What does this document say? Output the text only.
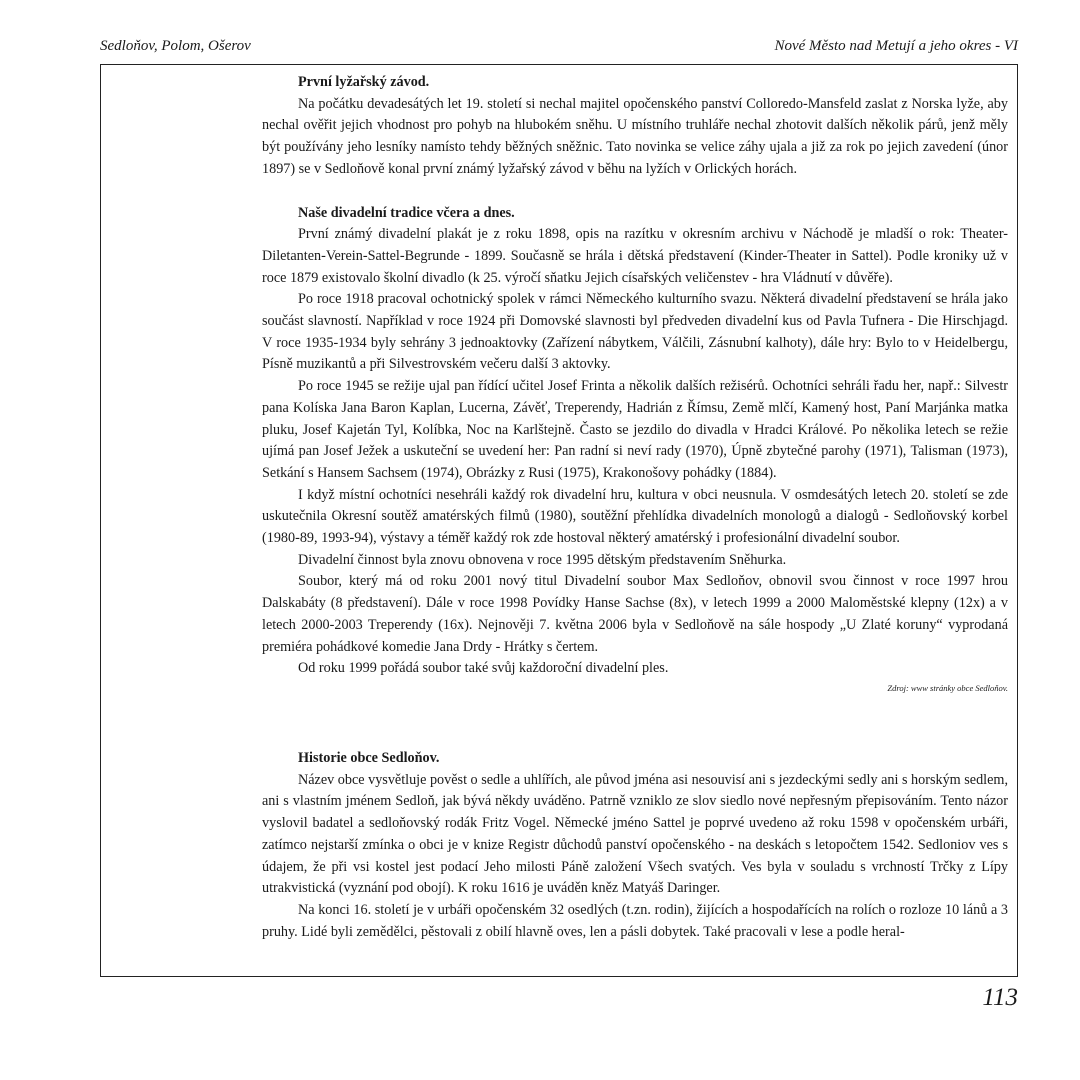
Sedloňov, Polom, Ošerov	Nové Město nad Metují a jeho okres - VI
První lyžařský závod.

Na počátku devadesátých let 19. století si nechal majitel opočenského panství Colloredo-Mansfeld zaslat z Norska lyže, aby nechal ověřit jejich vhodnost pro pohyb na hlubokém sněhu. U místního truhláře nechal zhotovit dalších několik párů, jenž měly být používány jeho lesníky namísto tehdy běžných sněžnic. Tato novinka se velice záhy ujala a již za rok po jejich zavedení (únor 1897) se v Sedloňově konal první známý lyžařský závod v běhu na lyžích v Orlických horách.

Naše divadelní tradice včera a dnes.

První známý divadelní plakát je z roku 1898, opis na razítku v okresním archivu v Náchodě je mladší o rok: Theater-Diletanten-Verein-Sattel-Begrunde - 1899. Současně se hrála i dětská představení (Kinder-Theater in Sattel). Podle kroniky už v roce 1879 existovalo školní divadlo (k 25. výročí sňatku Jejich císařských veličenstev - hra Vládnutí v důvěře).

Po roce 1918 pracoval ochotnický spolek v rámci Německého kulturního svazu. Některá divadelní představení se hrála jako součást slavností. Například v roce 1924 při Domovské slavnosti byl předveden divadelní kus od Pavla Tufnera - Die Hirschjagd. V roce 1935-1934 byly sehrány 3 jednoaktovky (Zařízení nábytkem, Válčili, Zásnubní kalhoty), dále hry: Bylo to v Heidelbergu, Písně muzikantů a při Silvestrovském večeru další 3 aktovky.

Po roce 1945 se režije ujal pan řídící učitel Josef Frinta a několik dalších režisérů. Ochotníci sehráli řadu her, např.: Silvestr pana Kolíska Jana Baron Kaplan, Lucerna, Závěť, Treperendy, Hadrián z Římsu, Země mlčí, Kamený host, Paní Marjánka matka pluku, Josef Kajetán Tyl, Kolíbka, Noc na Karlštejně. Často se jezdilo do divadla v Hradci Králové. Po několika letech se režie ujímá pan Josef Ježek a uskuteční se uvedení her: Pan radní si neví rady (1970), Úpně zbytečné parohy (1971), Talisman (1973), Setkání s Hansem Sachsem (1974), Obrázky z Rusi (1975), Krakonošovy pohádky (1884).

I když místní ochotníci nesehráli každý rok divadelní hru, kultura v obci neusnula. V osmdesátých letech 20. století se zde uskutečnila Okresní soutěž amatérských filmů (1980), soutěžní přehlídka divadelních monologů a dialogů - Sedloňovský korbel (1980-89, 1993-94), výstavy a téměř každý rok zde hostoval některý amatérský i profesionální divadelní soubor.

Divadelní činnost byla znovu obnovena v roce 1995 dětským představením Sněhurka.

Soubor, který má od roku 2001 nový titul Divadelní soubor Max Sedloňov, obnovil svou činnost v roce 1997 hrou Dalskabáty (8 představení). Dále v roce 1998 Povídky Hanse Sachse (8x), v letech 1999 a 2000 Maloměstské klepny (12x) a v letech 2000-2003 Treperendy (16x). Nejnověji 7. května 2006 byla v Sedloňově na sále hospody „U Zlaté koruny“ vyprodaná premiéra pohádkové komedie Jana Drdy - Hrátky s čertem.

Od roku 1999 pořádá soubor také svůj každoroční divadelní ples.

Zdroj: www stránky obce Sedloňov.
Historie obce Sedloňov.

Název obce vysvětluje pověst o sedle a uhlířích, ale původ jména asi nesouvisí ani s jezdeckými sedly ani s horským sedlem, ani s vlastním jménem Sedloň, jak bývá někdy uváděno. Patrně vzniklo ze slov siedlo nové nepřesným přepisováním. Tento názor vyslovil badatel a sedloňovský rodák Fritz Vogel. Německé jméno Sattel je poprvé uvedeno až roku 1598 v opočenském urbáři, zatímco nejstarší zmínka o obci je v knize Registr důchodů panství opočenského - na deskách s letopočtem 1542. Sedloniov ves s údajem, že při vsi kostel jest podací Jeho milosti Páně založení Všech svatých. Ves byla v souladu s vrchností Trčky z Lípy utrakvistická (vyznání pod obojí). K roku 1616 je uváděn kněz Matyáš Daringer.

Na konci 16. století je v urbáři opočenském 32 osedlých (t.zn. rodin), žijících a hospodařících na rolích o rozloze 10 lánů a 3 pruhy. Lidé byli zemědělci, pěstovali z obilí hlavně oves, len a pásli dobytek. Také pracovali v lese a podle heral-

113
